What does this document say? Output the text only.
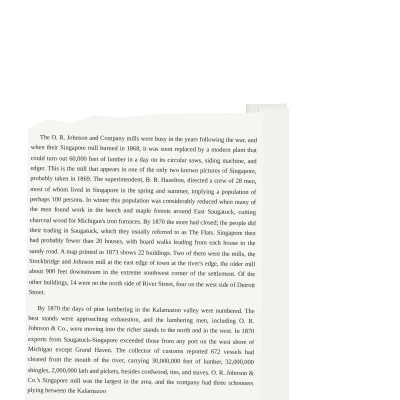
The O. R. Johnson and Company mills were busy in the years following the war, and when their Singapore mill burned in 1868, it was soon replaced by a modern plant that could turn out 60,000 feet of lumber in a day on its circular saws, siding machine, and edger. This is the mill that appears in one of the only two known pictures of Singapore, probably taken in 1869. The superintendent, B. B. Hazelton, directed a crew of 28 men, most of whom lived in Singapore in the spring and summer, implying a population of perhaps 100 persons. In winter this population was considerably reduced when many of the men found work in the beech and maple forests around East Saugatuck, cutting charcoal wood for Michigan's iron furnaces. By 1870 the store had closed; the people did their trading in Saugatuck, which they usually referred to as The Flats. Singapore then had probably fewer than 20 houses, with board walks leading from each house to the sandy road. A map printed in 1873 shows 22 buildings. Two of them were the mills, the Stockbridge and Johnson mill at the east edge of town at the river's edge, the older mill about 900 feet downstream in the extreme southwest corner of the settlement. Of the other buildings, 14 were on the north side of River Street, four on the west side of Detroit Street.

By 1870 the days of pine lumbering in the Kalamazoo valley were numbered. The best stands were approaching exhaustion, and the lumbering men, including O. R. Johnson & Co., were moving into the richer stands to the north and in the west. In 1870 exports from Saugatuck-Singapore exceeded those from any port on the west shore of Michigan except Grand Haven. The collector of customs reported 672 vessels had cleared from the mouth of the river, carrying 30,000,000 feet of lumber, 32,000,000 shingles, 2,000,000 lath and pickets, besides cordwood, ties, and staves. O. R. Johnson & Co.'s Singapore mill was the largest in the area, and the company had three schooners plying between the Kalamazoo
